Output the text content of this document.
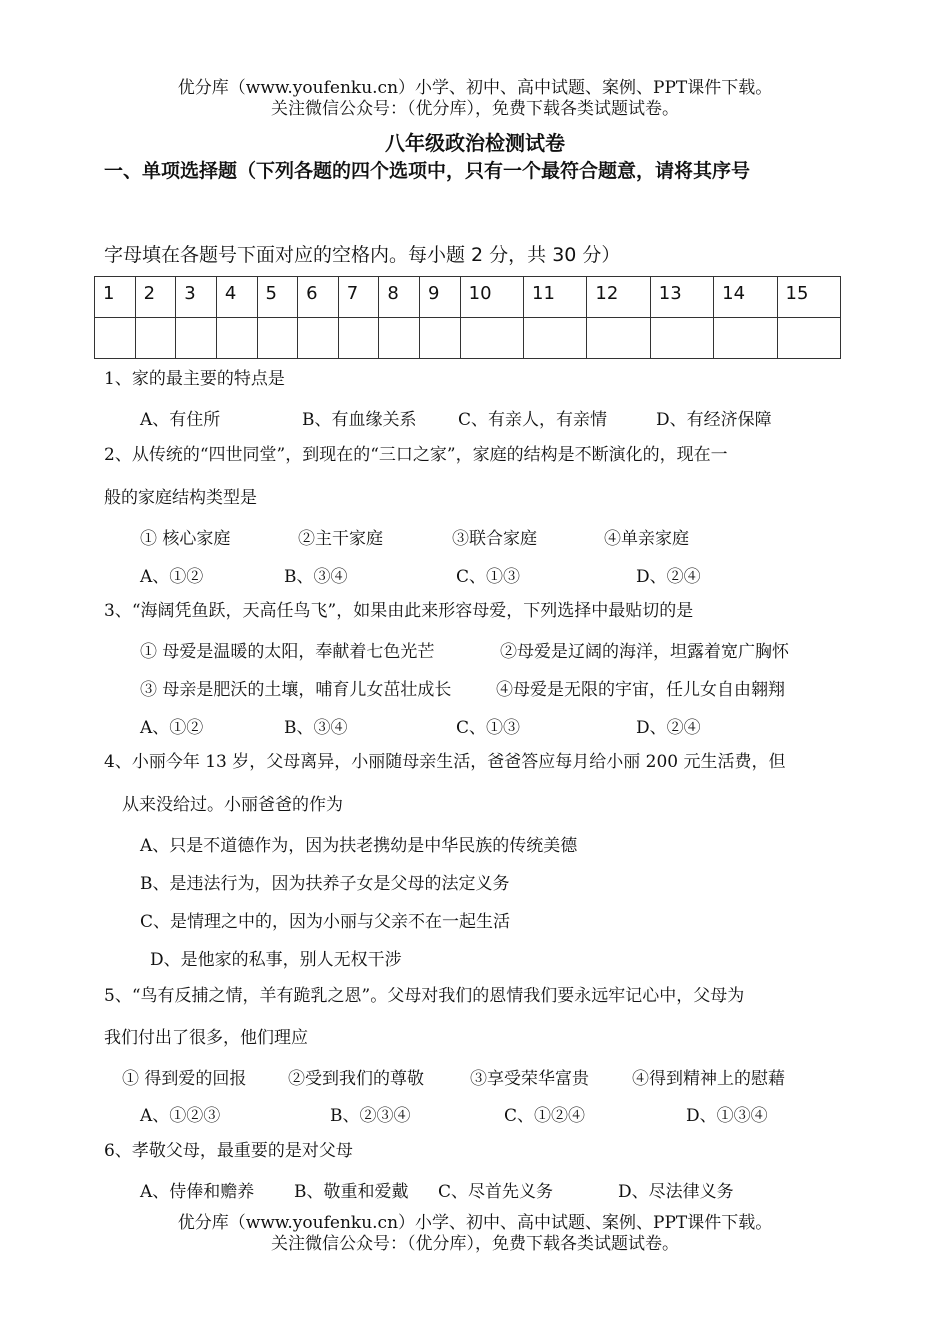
优分库（www.youfenku.cn）小学、初中、高中试题、案例、PPT课件下载。
关注微信公众号：（优分库），免费下载各类试题试卷。
八年级政治检测试卷
一、单项选择题（下列各题的四个选项中，只有一个最符合题意，请将其序号
字母填在各题号下面对应的空格内。每小题 2 分，共 30 分）
1	2	3	4	5	6	7	8	9	10	11	12	13	14	15

1、家的最主要的特点是
A、有住所	B、有血缘关系 C、有亲人，有亲情	D、有经济保障
2、从传统的“四世同堂”，到现在的“三口之家”，家庭的结构是不断演化的，现在一
般的家庭结构类型是
① 核心家庭	②主干家庭	③联合家庭	④单亲家庭
A、①②	B、③④	C、①③	D、②④
3、“海阔凭鱼跃，天高任鸟飞”，如果由此来形容母爱，下列选择中最贴切的是
① 母爱是温暖的太阳，奉献着七色光芒	②母爱是辽阔的海洋，坦露着宽广胸怀
③ 母亲是肥沃的土壤，哺育儿女茁壮成长	④母爱是无限的宇宙，任儿女自由翱翔
A、①②	B、③④	C、①③	D、②④
4、小丽今年 13 岁，父母离异，小丽随母亲生活，爸爸答应每月给小丽 200 元生活费，但
从来没给过。小丽爸爸的作为
A、只是不道德作为，因为扶老携幼是中华民族的传统美德
B、是违法行为，因为扶养子女是父母的法定义务
C、是情理之中的，因为小丽与父亲不在一起生活
D、是他家的私事，别人无权干涉
5、“鸟有反捕之情，羊有跪乳之恩”。父母对我们的恩情我们要永远牢记心中，父母为
我们付出了很多，他们理应
① 得到爱的回报 ②受到我们的尊敬	③享受荣华富贵	④得到精神上的慰藉
A、①②③	B、②③④	C、①②④	D、①③④
6、孝敬父母，最重要的是对父母
A、侍俸和赡养 B、敬重和爱戴 C、尽首先义务	D、尽法律义务
优分库（www.youfenku.cn）小学、初中、高中试题、案例、PPT课件下载。
关注微信公众号：（优分库），免费下载各类试题试卷。
